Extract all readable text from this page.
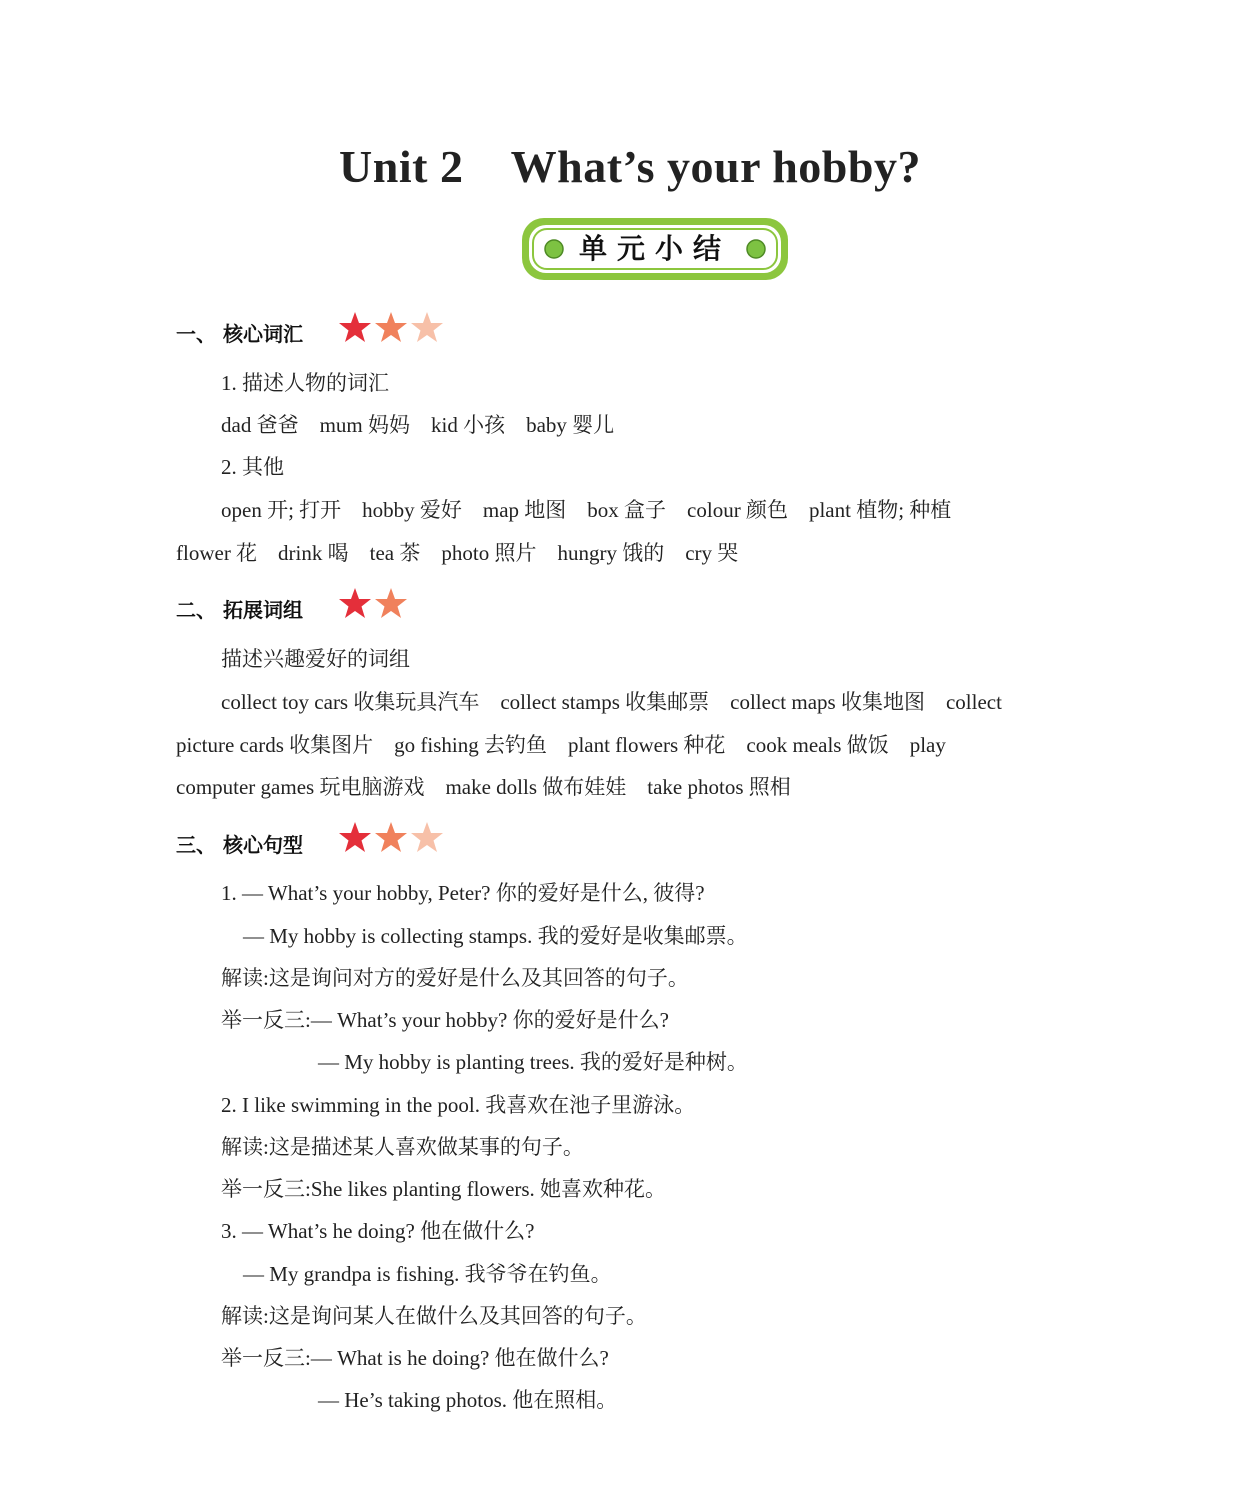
Unit 2    What’s your hobby?
单元小结
一、 核心词汇
1. 描述人物的词汇
dad 爸爸    mum 妈妈    kid 小孩    baby 婴儿
2. 其他
open 开; 打开    hobby 爱好    map 地图    box 盒子    colour 颜色    plant 植物; 种植
flower 花    drink 喝    tea 茶    photo 照片    hungry 饿的    cry 哭
二、 拓展词组
描述兴趣爱好的词组
collect toy cars 收集玩具汽车    collect stamps 收集邮票    collect maps 收集地图    collect
picture cards 收集图片    go fishing 去钓鱼    plant flowers 种花    cook meals 做饭    play
computer games 玩电脑游戏    make dolls 做布娃娃    take photos 照相
三、 核心句型
1. — What’s your hobby, Peter? 你的爱好是什么, 彼得?
— My hobby is collecting stamps. 我的爱好是收集邮票。
解读:这是询问对方的爱好是什么及其回答的句子。
举一反三:— What’s your hobby? 你的爱好是什么?
— My hobby is planting trees. 我的爱好是种树。
2. I like swimming in the pool. 我喜欢在池子里游泳。
解读:这是描述某人喜欢做某事的句子。
举一反三:She likes planting flowers. 她喜欢种花。
3. — What’s he doing? 他在做什么?
— My grandpa is fishing. 我爷爷在钓鱼。
解读:这是询问某人在做什么及其回答的句子。
举一反三:— What is he doing? 他在做什么?
— He’s taking photos. 他在照相。
